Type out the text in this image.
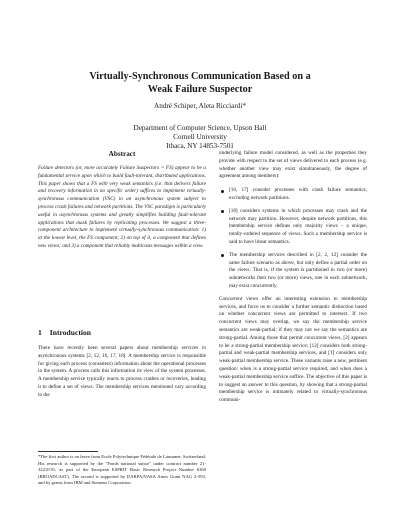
Virtually-Synchronous Communication Based on a
Weak Failure Suspector
André Schiper, Aleta Ricciardi*
Department of Computer Science, Upson Hall
Cornell University
Ithaca, NY 14853-7501
Abstract

Failure detectors (or, more accurately Failure Suspectors = FS) appear to be a fundamental service upon which to build fault-tolerant, distributed applications. This paper shows that a FS with very weak semantics (i.e. that delivers failure and recovery information in no specific order) suffices to implement virtually-synchronous communication (VSC) in an asynchronous system subject to process crash failures and network partitions. The VSC paradigm is particularly useful in asynchronous systems and greatly simplifies building fault-tolerant applications that mask failures by replicating processes. We suggest a three-component architecture to implement virtually-synchronous communication: 1) at the lowest level, the FS component; 2) on top of it, a component that defines new views; and 3) a component that reliably multicasts messages within a view.

1 Introduction

There have recently been several papers about membership services in asynchronous systems [2, 12, 16, 17, 18]. A membership service is responsible for giving each process (consistent) information about the operational processes in the system. A process calls this information its view of the system processes. A membership service typically reacts to process crashes or recoveries, leading it to define a set of views. The membership services mentioned vary according to the

*The first author is on leave from Ecole Polytechnique Fédérale de Lausanne, Switzerland. His research is supported by the "Fonds national suisse" under contract number 21-32210.91, as part of the European ESPRIT Basic Research Project Number 6360 (BROADCAST). The second is supported by DARPA/NASA Ames Grant NAG 2-593, and by grants from IBM and Siemens Corporation.

underlying failure model considered, as well as the properties they provide with respect to the set of views delivered to each process (e.g. whether another view may exist simultaneously, the degree of agreement among members):

[16, 17] consider processes with crash failure semantics, excluding network partitions.
[18] considers systems in which processes may crash and the network may partition. However, despite network partitions, this membership service defines only majority views – a unique, totally-ordered sequence of views. Such a membership service is said to have linear semantics.
The membership services described in [2, 2, 12] consider the same failure scenario as above, but only define a partial order on the views. That is, if the system is partitioned in two (or more) subnetworks then two (or more) views, one in each subnetwork, may exist concurrently.

Concurrent views offer an interesting extension to membership services, and force us to consider a further semantic distinction based on whether concurrent views are permitted to intersect. If two concurrent views may overlap, we say the membership service semantics are weak-partial; if they may not we say the semantics are strong-partial. Among those that permit concurrent views, [2] appears to be a strong-partial membership service; [12] considers both strong-partial and weak-partial membership services, and [1] considers only weak-partial membership service. These variants raise a new, pertinent question: when is a strong-partial service required, and when does a weak-partial membership service suffice. The objective of this paper is to suggest an answer to this question, by showing that a strong-partial membership service is intimately related to virtually-synchronous communi-
